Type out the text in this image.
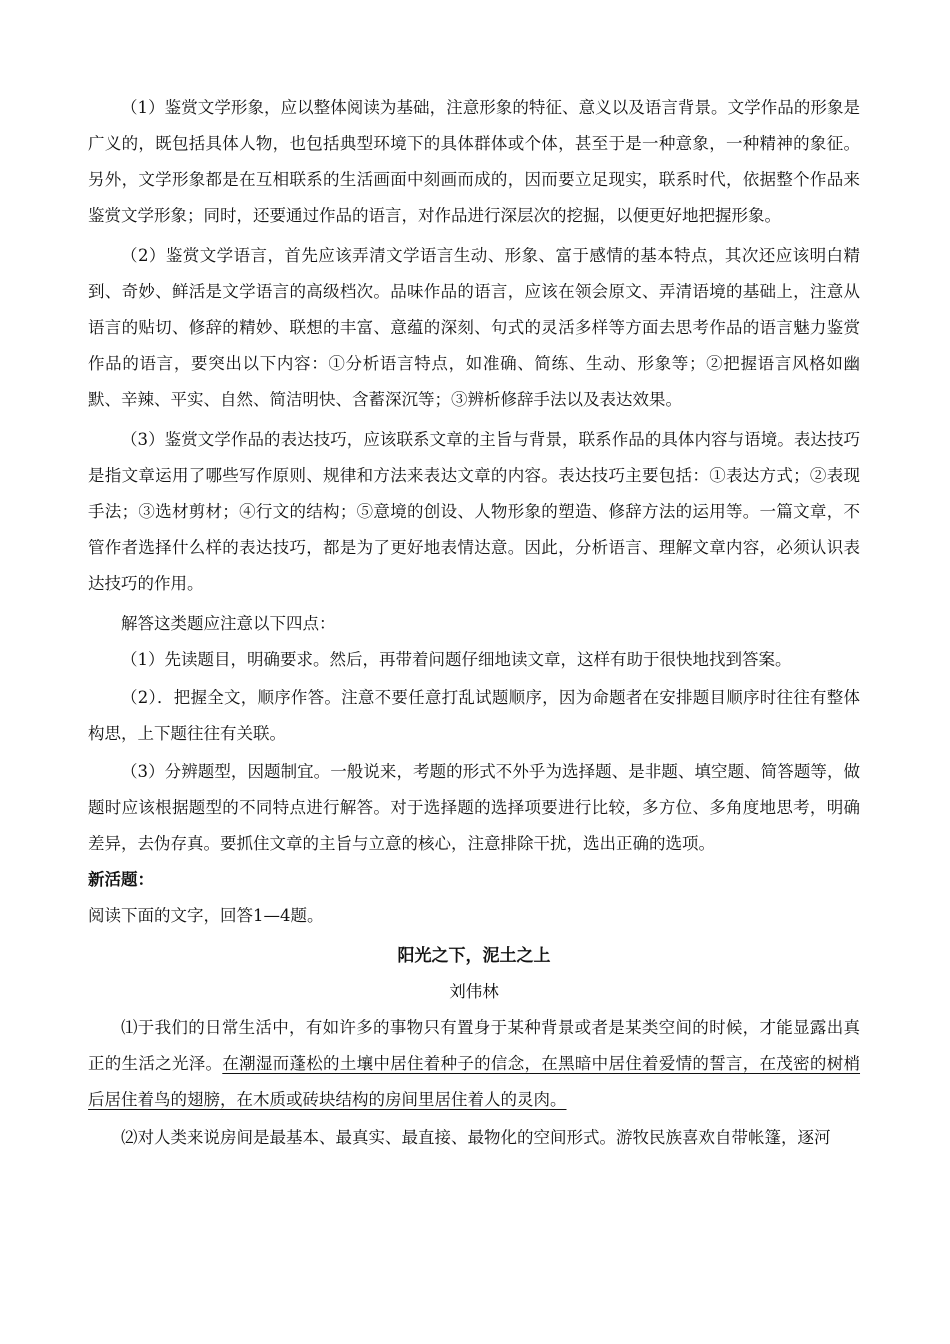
（1）鉴赏文学形象，应以整体阅读为基础，注意形象的特征、意义以及语言背景。文学作品的形象是广义的，既包括具体人物，也包括典型环境下的具体群体或个体，甚至于是一种意象，一种精神的象征。另外，文学形象都是在互相联系的生活画面中刻画而成的，因而要立足现实，联系时代，依据整个作品来鉴赏文学形象；同时，还要通过作品的语言，对作品进行深层次的挖掘，以便更好地把握形象。

（2）鉴赏文学语言，首先应该弄清文学语言生动、形象、富于感情的基本特点，其次还应该明白精到、奇妙、鲜活是文学语言的高级档次。品味作品的语言，应该在领会原文、弄清语境的基础上，注意从语言的贴切、修辞的精妙、联想的丰富、意蕴的深刻、句式的灵活多样等方面去思考作品的语言魅力鉴赏作品的语言，要突出以下内容：①分析语言特点，如准确、简练、生动、形象等；②把握语言风格如幽默、辛辣、平实、自然、简洁明快、含蓄深沉等；③辨析修辞手法以及表达效果。

（3）鉴赏文学作品的表达技巧，应该联系文章的主旨与背景，联系作品的具体内容与语境。表达技巧是指文章运用了哪些写作原则、规律和方法来表达文章的内容。表达技巧主要包括：①表达方式；②表现手法；③选材剪材；④行文的结构；⑤意境的创设、人物形象的塑造、修辞方法的运用等。一篇文章，不管作者选择什么样的表达技巧，都是为了更好地表情达意。因此，分析语言、理解文章内容，必须认识表达技巧的作用。

解答这类题应注意以下四点：

（1）先读题目，明确要求。然后，再带着问题仔细地读文章，这样有助于很快地找到答案。

（2）．把握全文，顺序作答。注意不要任意打乱试题顺序，因为命题者在安排题目顺序时往往有整体构思，上下题往往有关联。

（3）分辨题型，因题制宜。一般说来，考题的形式不外乎为选择题、是非题、填空题、简答题等，做题时应该根据题型的不同特点进行解答。对于选择题的选择项要进行比较，多方位、多角度地思考，明确差异，去伪存真。要抓住文章的主旨与立意的核心，注意排除干扰，选出正确的选项。

新活题：

阅读下面的文字，回答1—4题。

阳光之下，泥土之上

刘伟林

⑴于我们的日常生活中，有如许多的事物只有置身于某种背景或者是某类空间的时候，才能显露出真正的生活之光泽。在潮湿而蓬松的土壤中居住着种子的信念，在黑暗中居住着爱情的誓言，在茂密的树梢后居住着鸟的翅膀，在木质或砖块结构的房间里居住着人的灵肉。

⑵对人类来说房间是最基本、最真实、最直接、最物化的空间形式。游牧民族喜欢自带帐篷，逐河
